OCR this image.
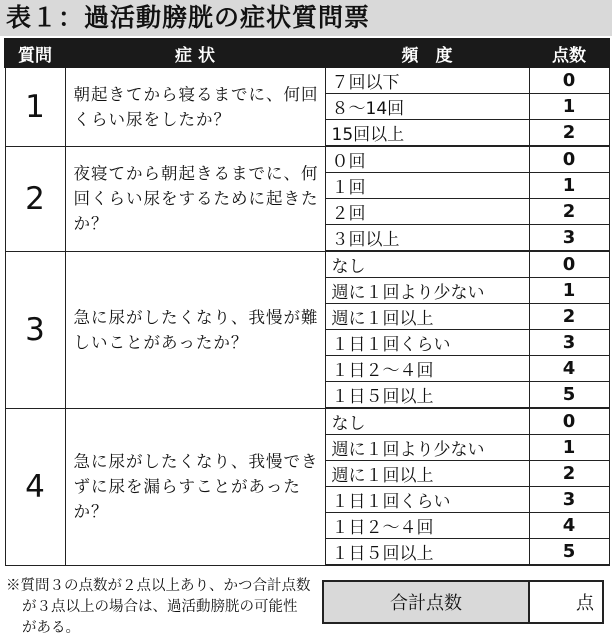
表１：過活動膀胱の症状質問票
質問	症 状	頻　度	点数
1	朝起きてから寝るまでに、何回くらい尿をしたか？	７回以下	0
		８～14回	1
		15回以上	2
2	夜寝てから朝起きるまでに、何回くらい尿をするために起きたか？	０回	0
		１回	1
		２回	2
		３回以上	3
3	急に尿がしたくなり、我慢が難しいことがあったか？	なし	0
		週に１回より少ない	1
		週に１回以上	2
		１日１回くらい	3
		１日２～４回	4
		１日５回以上	5
4	急に尿がしたくなり、我慢できずに尿を漏らすことがあったか？	なし	0
		週に１回より少ない	1
		週に１回以上	2
		１日１回くらい	3
		１日２～４回	4
		１日５回以上	5
※質問３の点数が２点以上あり、かつ合計点数が３点以上の場合は、過活動膀胱の可能性がある。
合計点数	点
